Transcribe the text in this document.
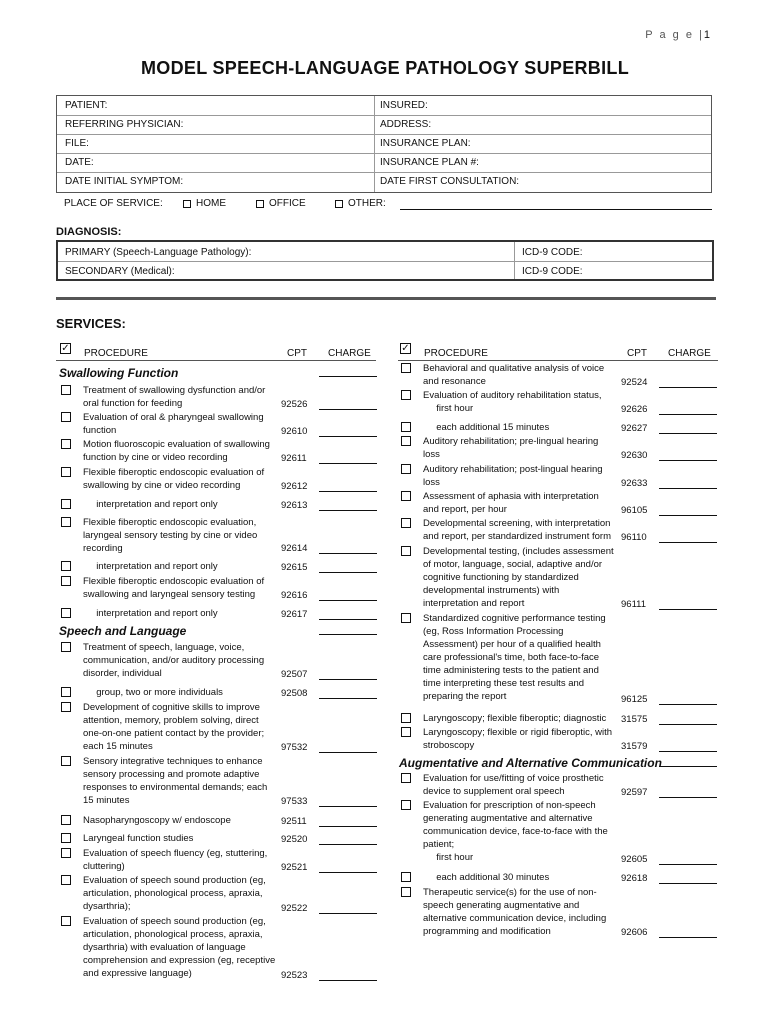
P a g e |1
MODEL SPEECH-LANGUAGE PATHOLOGY SUPERBILL
PATIENT:	INSURED:
REFERRING PHYSICIAN:	ADDRESS:
FILE:	INSURANCE PLAN:
DATE:	INSURANCE PLAN #:
DATE INITIAL SYMPTOM:	DATE FIRST CONSULTATION:
PLACE OF SERVICE:	HOME	OFFICE	OTHER:
DIAGNOSIS:
PRIMARY (Speech-Language Pathology):	ICD-9 CODE:
SECONDARY (Medical):	ICD-9 CODE:
SERVICES:
✓ PROCEDURE	CPT CHARGE	✓ PROCEDURE	CPT CHARGE
Swallowing Function
Speech and Language
Treatment of swallowing dysfunction and/or
oral function for feeding	92526
Evaluation of oral & pharyngeal swallowing
function	92610
Motion fluoroscopic evaluation of swallowing
function by cine or video recording	92611
Flexible fiberoptic endoscopic evaluation of
swallowing by cine or video recording	92612
interpretation and report only	92613
Flexible fiberoptic endoscopic evaluation,
laryngeal sensory testing by cine or video
recording	92614
interpretation and report only	92615
Flexible fiberoptic endoscopic evaluation of
swallowing and laryngeal sensory testing	92616
interpretation and report only	92617
Treatment of speech, language, voice,
communication, and/or auditory processing
disorder, individual	92507
group, two or more individuals	92508
Development of cognitive skills to improve
attention, memory, problem solving, direct
one-on-one patient contact by the provider;
each 15 minutes	97532
Sensory integrative techniques to enhance
sensory processing and promote adaptive
responses to environmental demands; each
15 minutes	97533
Nasopharyngoscopy w/ endoscope	92511
Laryngeal function studies	92520
Evaluation of speech fluency (eg, stuttering,
cluttering)	92521
Evaluation of speech sound production (eg,
articulation, phonological process, apraxia,
dysarthria);	92522
Evaluation of speech sound production (eg,
articulation, phonological process, apraxia,
dysarthria) with evaluation of language
comprehension and expression (eg, receptive
and expressive language)	92523
Augmentative and Alternative Communication
Behavioral and qualitative analysis of voice
and resonance	92524
Evaluation of auditory rehabilitation status,
first hour	92626
each additional 15 minutes	92627
Auditory rehabilitation; pre-lingual hearing
loss	92630
Auditory rehabilitation; post-lingual hearing
loss	92633
Assessment of aphasia with interpretation
and report, per hour	96105
Developmental screening, with interpretation
and report, per standardized instrument form 96110
Developmental testing, (includes assessment
of motor, language, social, adaptive and/or
cognitive functioning by standardized
developmental instruments) with
interpretation and report	96111
Standardized cognitive performance testing
(eg, Ross Information Processing
Assessment) per hour of a qualified health
care professional's time, both face-to-face
time administering tests to the patient and
time interpreting these test results and
preparing the report	96125
Laryngoscopy; flexible fiberoptic; diagnostic 31575
Laryngoscopy; flexible or rigid fiberoptic, with
stroboscopy	31579
Evaluation for use/fitting of voice prosthetic
device to supplement oral speech	92597
Evaluation for prescription of non-speech
generating augmentative and alternative
communication device, face-to-face with the
patient;
first hour	92605
each additional 30 minutes	92618
Therapeutic service(s) for the use of non-
speech generating augmentative and
alternative communication device, including
programming and modification	92606
